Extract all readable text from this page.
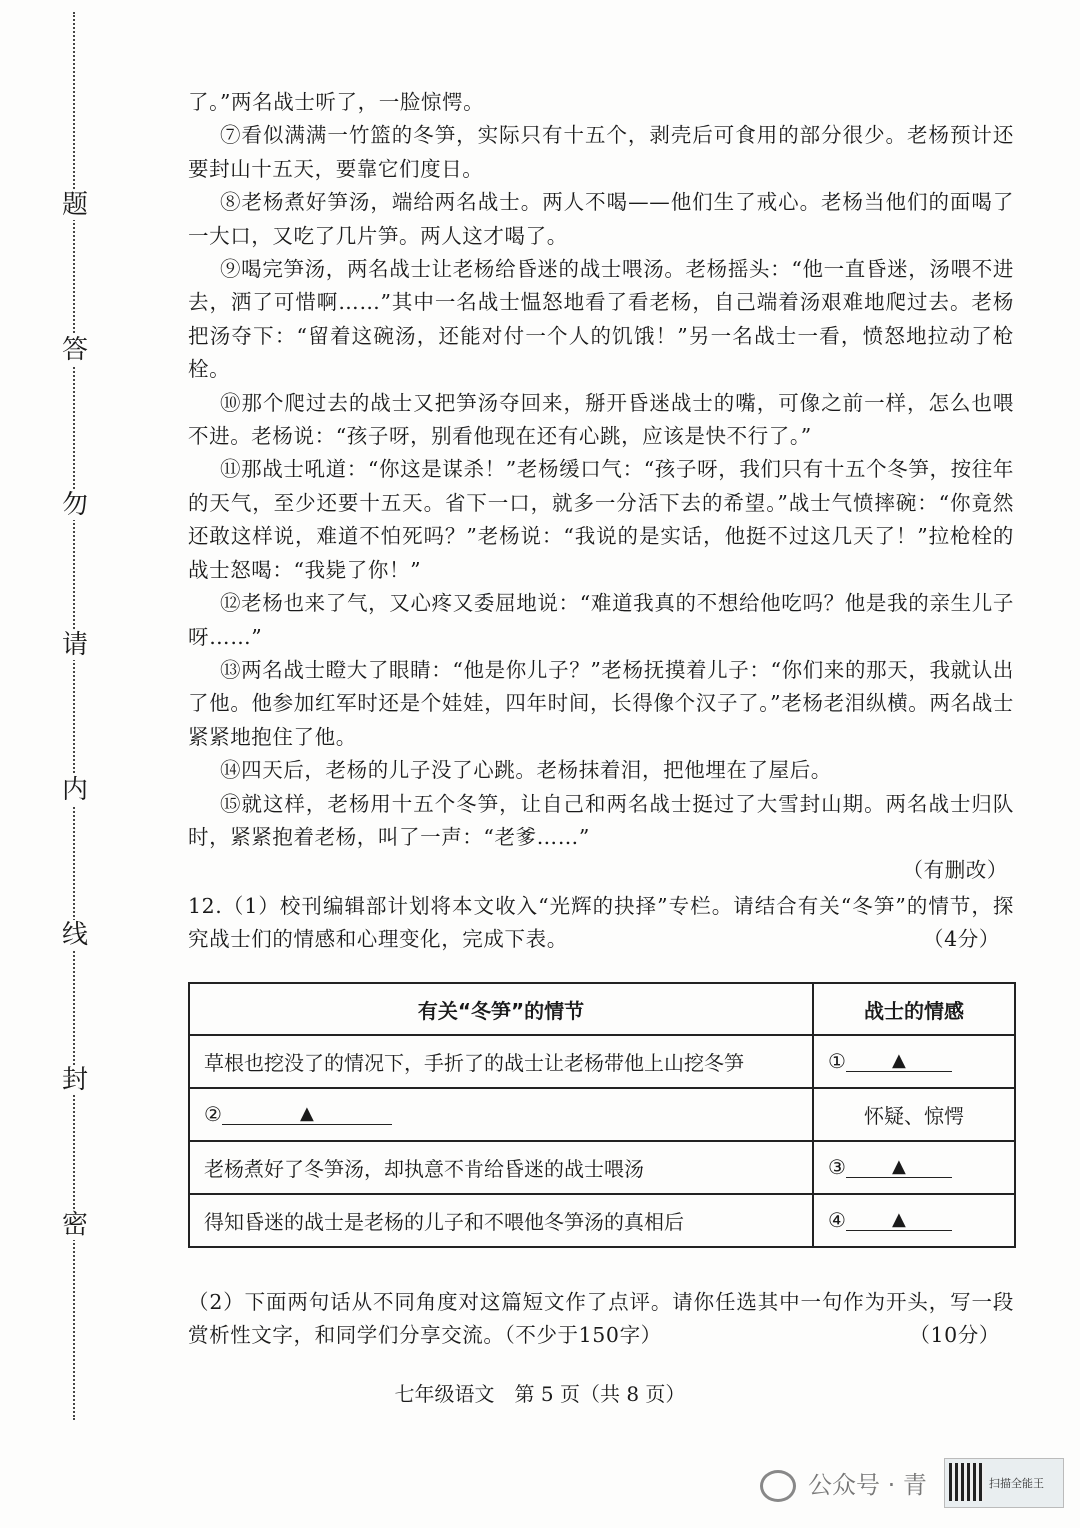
题
答
勿
请
内
线
封
密

了。”两名战士听了，一脸惊愕。

⑦看似满满一竹篮的冬笋，实际只有十五个，剥壳后可食用的部分很少。老杨预计还要封山十五天，要靠它们度日。

⑧老杨煮好笋汤，端给两名战士。两人不喝——他们生了戒心。老杨当他们的面喝了一大口，又吃了几片笋。两人这才喝了。

⑨喝完笋汤，两名战士让老杨给昏迷的战士喂汤。老杨摇头：“他一直昏迷，汤喂不进去，洒了可惜啊……”其中一名战士愠怒地看了看老杨，自己端着汤艰难地爬过去。老杨把汤夺下：“留着这碗汤，还能对付一个人的饥饿！”另一名战士一看，愤怒地拉动了枪栓。

⑩那个爬过去的战士又把笋汤夺回来，掰开昏迷战士的嘴，可像之前一样，怎么也喂不进。老杨说：“孩子呀，别看他现在还有心跳，应该是快不行了。”

⑪那战士吼道：“你这是谋杀！”老杨缓口气：“孩子呀，我们只有十五个冬笋，按往年的天气，至少还要十五天。省下一口，就多一分活下去的希望。”战士气愤摔碗：“你竟然还敢这样说，难道不怕死吗？”老杨说：“我说的是实话，他挺不过这几天了！”拉枪栓的战士怒喝：“我毙了你！”

⑫老杨也来了气，又心疼又委屈地说：“难道我真的不想给他吃吗？他是我的亲生儿子呀……”

⑬两名战士瞪大了眼睛：“他是你儿子？”老杨抚摸着儿子：“你们来的那天，我就认出了他。他参加红军时还是个娃娃，四年时间，长得像个汉子了。”老杨老泪纵横。两名战士紧紧地抱住了他。

⑭四天后，老杨的儿子没了心跳。老杨抹着泪，把他埋在了屋后。

⑮就这样，老杨用十五个冬笋，让自己和两名战士挺过了大雪封山期。两名战士归队时，紧紧抱着老杨，叫了一声：“老爹……”

（有删改）

12.（1）校刊编辑部计划将本文收入“光辉的抉择”专栏。请结合有关“冬笋”的情节，探究战士们的情感和心理变化，完成下表。	（4分）

有关“冬笋”的情节	战士的情感
草根也挖没了的情况下，手折了的战士让老杨带他上山挖冬笋	① ▲
② ▲	怀疑、惊愕
老杨煮好了冬笋汤，却执意不肯给昏迷的战士喂汤	③ ▲
得知昏迷的战士是老杨的儿子和不喂他冬笋汤的真相后	④ ▲

（2）下面两句话从不同角度对这篇短文作了点评。请你任选其中一句作为开头，写一段赏析性文字，和同学们分享交流。（不少于150字）	（10分）

七年级语文　第 5 页（共 8 页）
公众号 · 青	扫描全能王
